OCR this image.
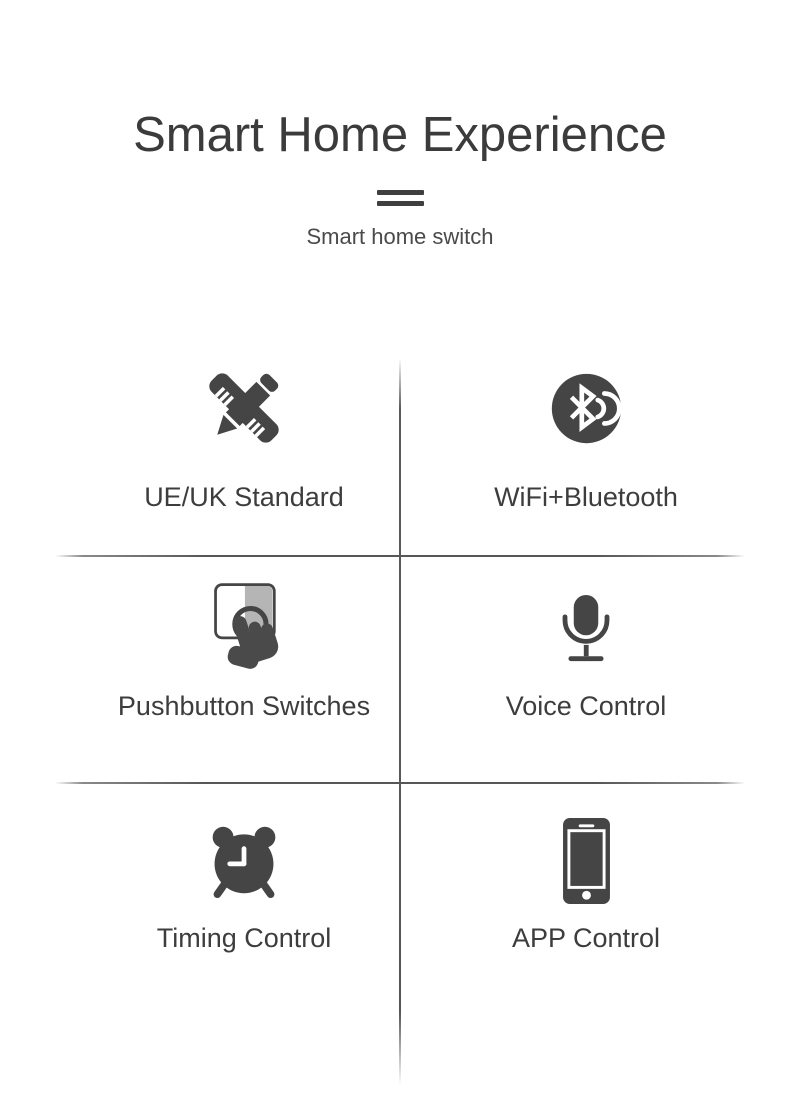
Smart Home Experience

Smart home switch

UE/UK Standard	WiFi+Bluetooth
Pushbutton Switches	Voice Control
Timing Control	APP Control
